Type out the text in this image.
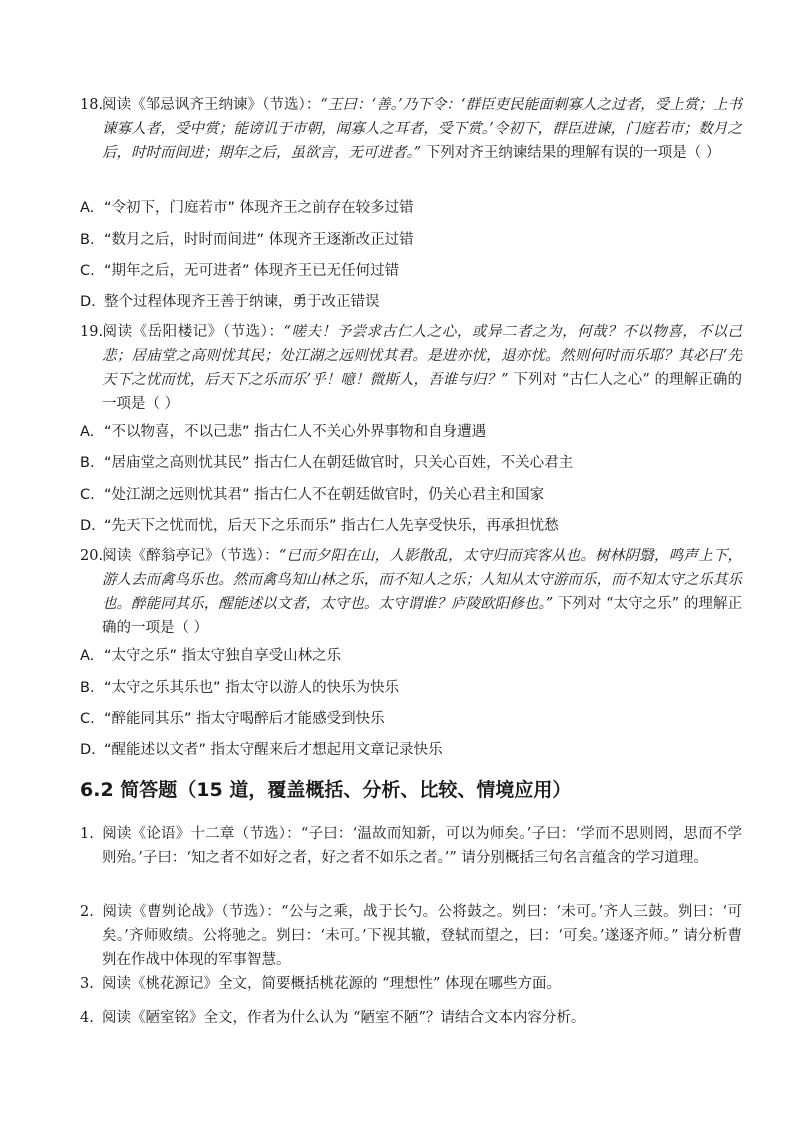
18.阅读《邹忌讽齐王纳谏》（节选）：“王曰：‘善。’乃下令：‘群臣吏民能面刺寡人之过者，受上赏；上书谏寡人者，受中赏；能谤讥于市朝，闻寡人之耳者，受下赏。’令初下，群臣进谏，门庭若市；数月之后，时时而间进；期年之后，虽欲言，无可进者。” 下列对齐王纳谏结果的理解有误的一项是（ ）
A. “令初下，门庭若市” 体现齐王之前存在较多过错
B. “数月之后，时时而间进” 体现齐王逐渐改正过错
C. “期年之后，无可进者” 体现齐王已无任何过错
D. 整个过程体现齐王善于纳谏，勇于改正错误
19.阅读《岳阳楼记》（节选）：“嗟夫！予尝求古仁人之心，或异二者之为，何哉？不以物喜，不以己悲；居庙堂之高则忧其民；处江湖之远则忧其君。是进亦忧，退亦忧。然则何时而乐耶？其必曰‘先天下之忧而忧，后天下之乐而乐’乎！噫！微斯人，吾谁与归？” 下列对 “古仁人之心” 的理解正确的一项是（ ）
A. “不以物喜，不以己悲” 指古仁人不关心外界事物和自身遭遇
B. “居庙堂之高则忧其民” 指古仁人在朝廷做官时，只关心百姓，不关心君主
C. “处江湖之远则忧其君” 指古仁人不在朝廷做官时，仍关心君主和国家
D. “先天下之忧而忧，后天下之乐而乐” 指古仁人先享受快乐，再承担忧愁
20.阅读《醉翁亭记》（节选）：“已而夕阳在山，人影散乱，太守归而宾客从也。树林阴翳，鸣声上下，游人去而禽鸟乐也。然而禽鸟知山林之乐，而不知人之乐；人知从太守游而乐，而不知太守之乐其乐也。醉能同其乐，醒能述以文者，太守也。太守谓谁？庐陵欧阳修也。” 下列对 “太守之乐” 的理解正确的一项是（ ）
A. “太守之乐” 指太守独自享受山林之乐
B. “太守之乐其乐也” 指太守以游人的快乐为快乐
C. “醉能同其乐” 指太守喝醉后才能感受到快乐
D. “醒能述以文者” 指太守醒来后才想起用文章记录快乐
6.2 简答题（15 道，覆盖概括、分析、比较、情境应用）
1. 阅读《论语》十二章（节选）：“子曰：‘温故而知新，可以为师矣。’子曰：‘学而不思则罔，思而不学则殆。’子曰：‘知之者不如好之者，好之者不如乐之者。’” 请分别概括三句名言蕴含的学习道理。
2. 阅读《曹刿论战》（节选）：“公与之乘，战于长勺。公将鼓之。刿曰：‘未可。’齐人三鼓。刿曰：‘可矣。’齐师败绩。公将驰之。刿曰：‘未可。’下视其辙，登轼而望之，曰：‘可矣。’遂逐齐师。” 请分析曹刿在作战中体现的军事智慧。
3. 阅读《桃花源记》全文，简要概括桃花源的 “理想性” 体现在哪些方面。
4. 阅读《陋室铭》全文，作者为什么认为 “陋室不陋”？请结合文本内容分析。
